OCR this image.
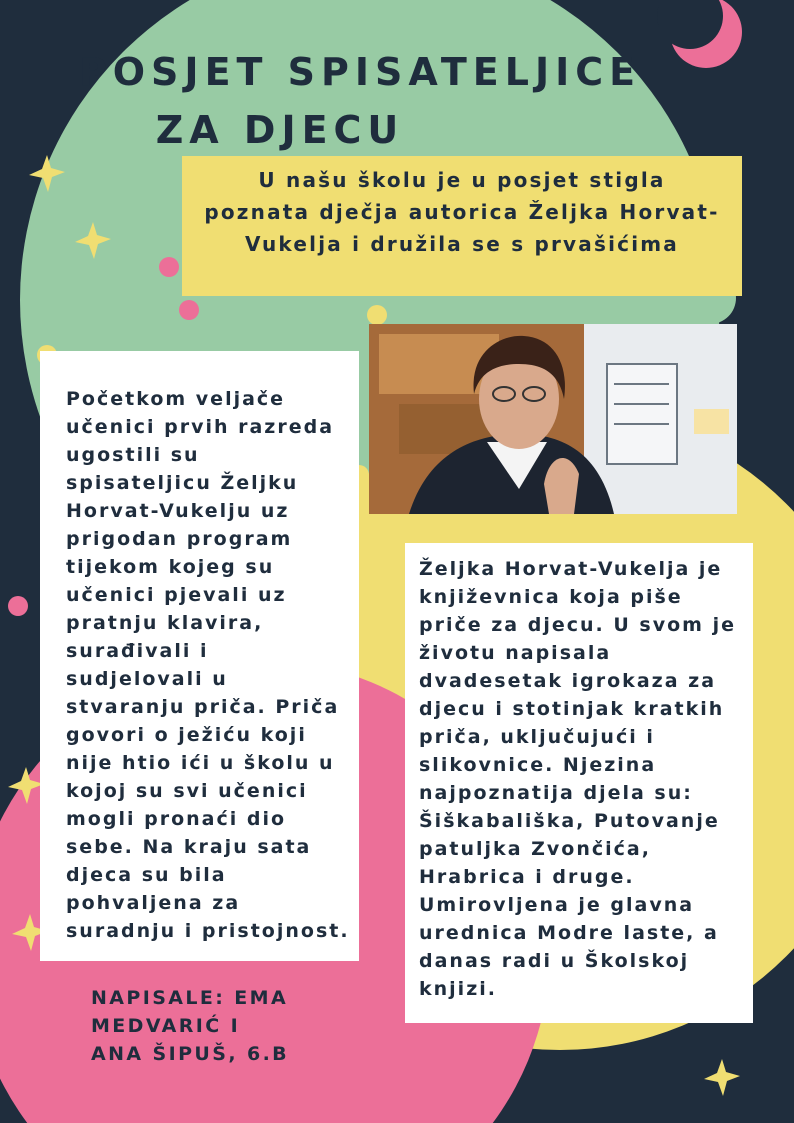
POSJET SPISATELJICE
ZA DJECU
U našu školu je u posjet stigla poznata dječja autorica Željka Horvat-Vukelja i družila se s prvašićima
Početkom veljače učenici prvih razreda ugostili su spisateljicu Željku Horvat-Vukelju uz prigodan program tijekom kojeg su učenici pjevali uz pratnju klavira, surađivali i sudjelovali u stvaranju priča. Priča govori o ježiću koji nije htio ići u školu u kojoj su svi učenici mogli pronaći dio sebe. Na kraju sata djeca su bila pohvaljena za suradnju i pristojnost.
Željka Horvat-Vukelja je književnica koja piše priče za djecu. U svom je životu napisala dvadesetak igrokaza za djecu i stotinjak kratkih priča, uključujući i slikovnice. Njezina najpoznatija djela su: Šiškabališka, Putovanje patuljka Zvončića, Hrabrica i druge. Umirovljena je glavna urednica Modre laste, a danas radi u Školskoj knjizi.
NAPISALE: EMA
MEDVARIĆ I
ANA ŠIPUŠ, 6.B
